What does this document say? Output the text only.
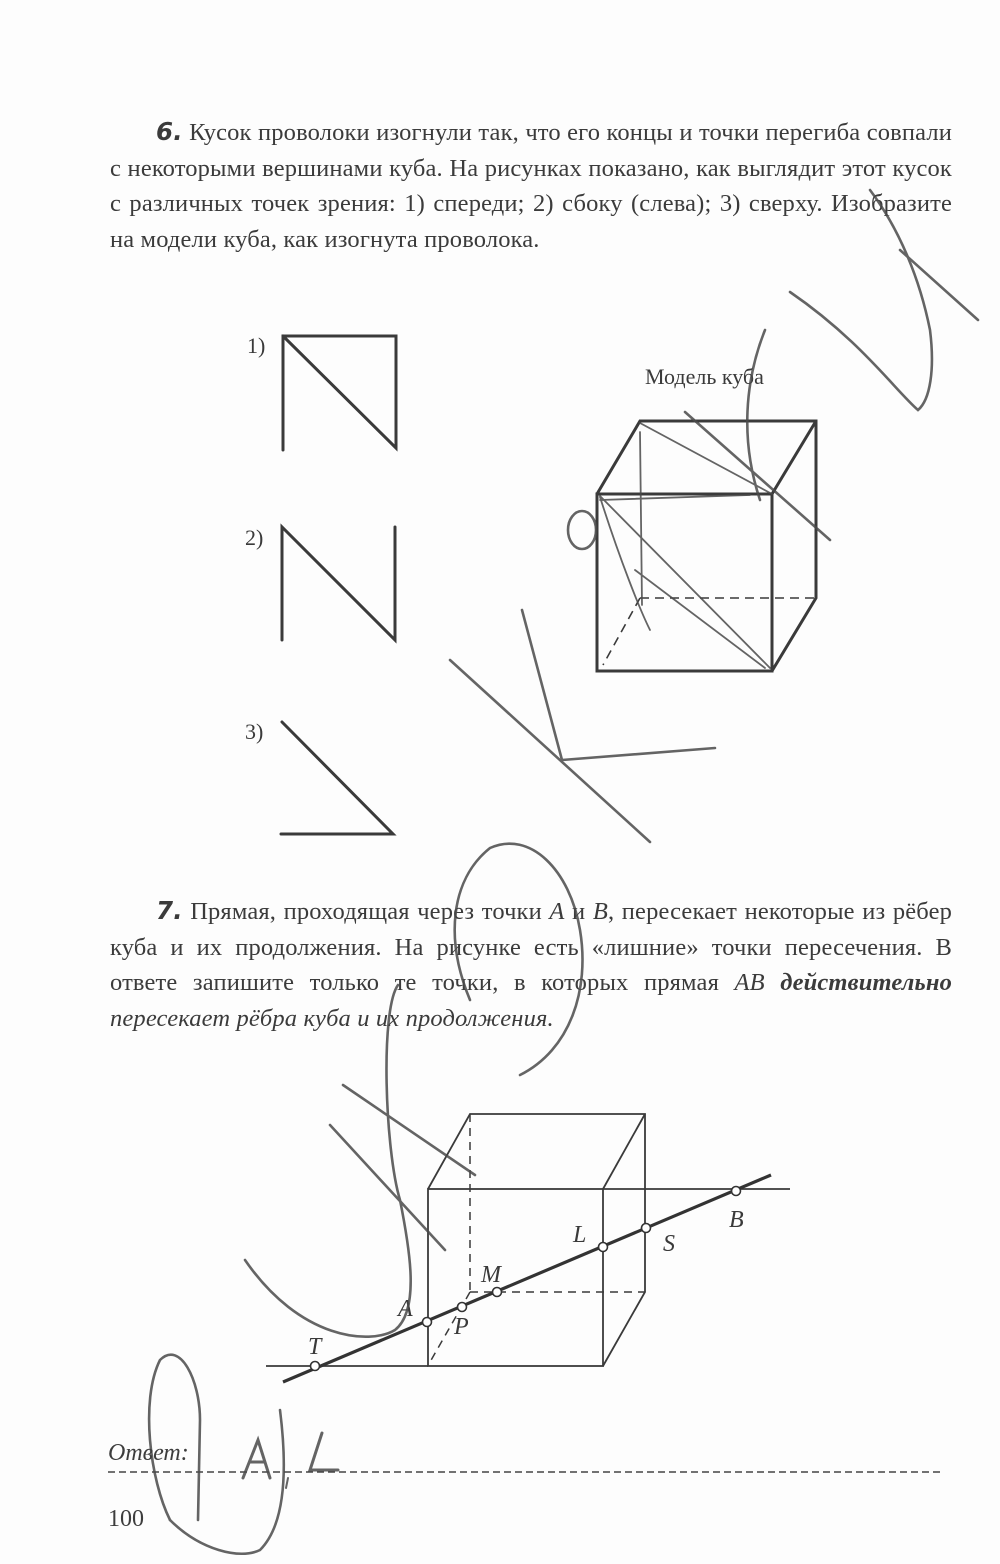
6. Кусок проволоки изогнули так, что его концы и точки перегиба совпали с некоторыми вершинами куба. На рисунках показано, как выглядит этот кусок с различных точек зрения: 1) спереди; 2) сбоку (слева); 3) сверху. Изобразите на модели куба, как изогнута проволока.
1)
2)
3)
Модель куба
7. Прямая, проходящая через точки A и B, пересекает некоторые из рёбер куба и их продолжения. На рисунке есть «лишние» точки пересечения. В ответе запишите только те точки, в которых прямая AB действительно пересекает рёбра куба и их продолжения.
T
A
P
M
L	S
B
Ответ:
100
